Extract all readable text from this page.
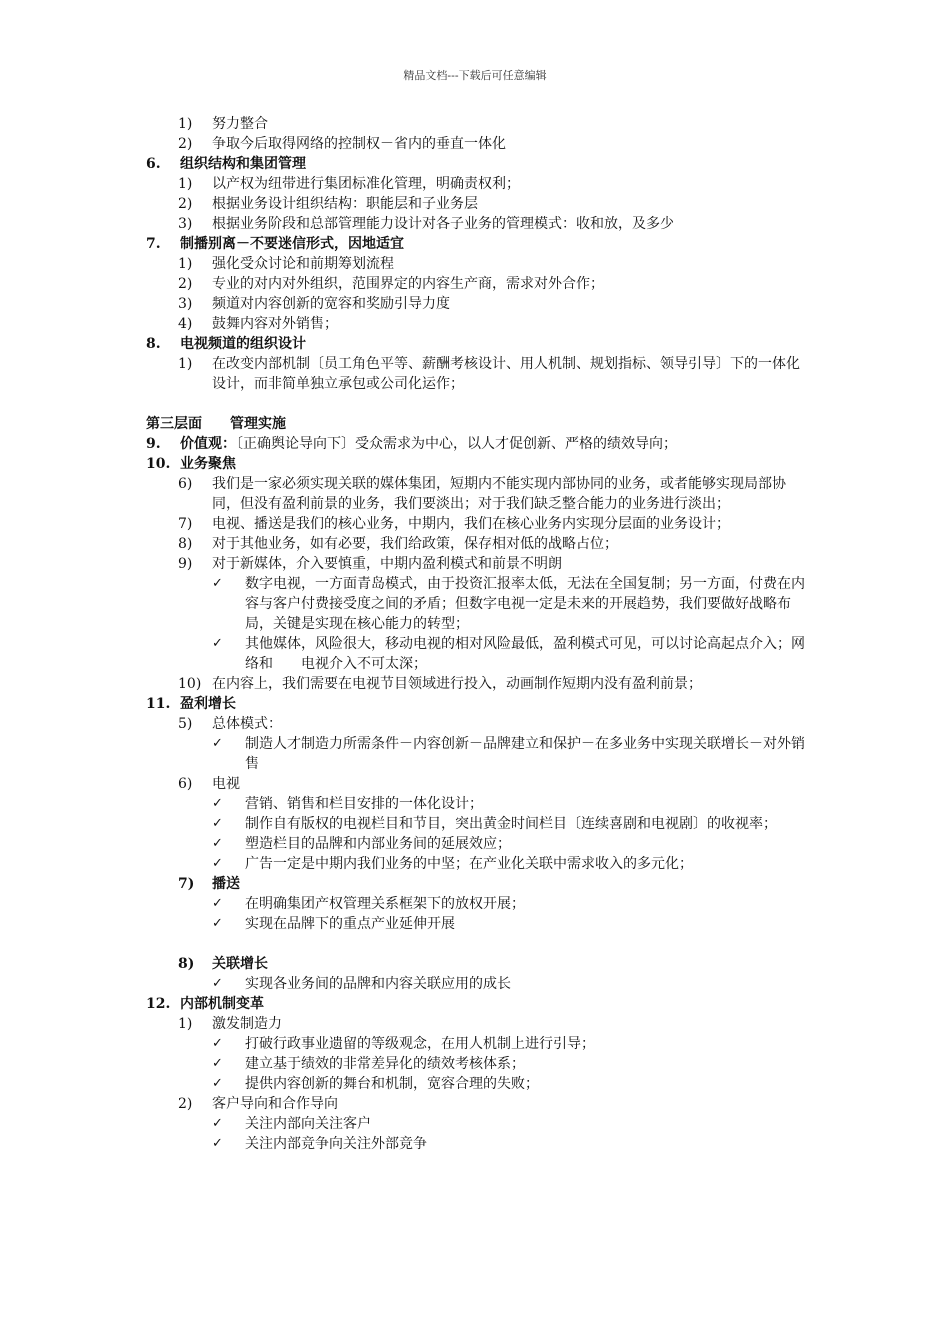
精品文档---下载后可任意编辑
1) 努力整合
2) 争取今后取得网络的控制权－省内的垂直一体化
6. 组织结构和集团管理
1) 以产权为纽带进行集团标准化管理，明确责权利；
2) 根据业务设计组织结构：职能层和子业务层
3) 根据业务阶段和总部管理能力设计对各子业务的管理模式：收和放，及多少
7. 制播别离－不要迷信形式，因地适宜
1) 强化受众讨论和前期筹划流程
2) 专业的对内对外组织，范围界定的内容生产商，需求对外合作；
3) 频道对内容创新的宽容和奖励引导力度
4) 鼓舞内容对外销售；
8. 电视频道的组织设计
1) 在改变内部机制〔员工角色平等、薪酬考核设计、用人机制、规划指标、领导引导〕下的一体化设计，而非简单独立承包或公司化运作；
第三层面　　管理实施
9. 价值观：〔正确舆论导向下〕受众需求为中心，以人才促创新、严格的绩效导向；
10. 业务聚焦
6) 我们是一家必须实现关联的媒体集团，短期内不能实现内部协同的业务，或者能够实现局部协同，但没有盈利前景的业务，我们要淡出；对于我们缺乏整合能力的业务进行淡出；
7) 电视、播送是我们的核心业务，中期内，我们在核心业务内实现分层面的业务设计；
8) 对于其他业务，如有必要，我们给政策，保存相对低的战略占位；
9) 对于新媒体，介入要慎重，中期内盈利模式和前景不明朗
✓ 数字电视，一方面青岛模式，由于投资汇报率太低，无法在全国复制；另一方面，付费在内容与客户付费接受度之间的矛盾；但数字电视一定是未来的开展趋势，我们要做好战略布局，关键是实现在核心能力的转型；
✓ 其他媒体，风险很大，移动电视的相对风险最低，盈利模式可见，可以讨论高起点介入；网络和　　电视介入不可太深；
10) 在内容上，我们需要在电视节目领域进行投入，动画制作短期内没有盈利前景；
11. 盈利增长
5) 总体模式：
✓ 制造人才制造力所需条件－内容创新－品牌建立和保护－在多业务中实现关联增长－对外销售
6) 电视
✓ 营销、销售和栏目安排的一体化设计；
✓ 制作自有版权的电视栏目和节目，突出黄金时间栏目〔连续喜剧和电视剧〕的收视率；
✓ 塑造栏目的品牌和内部业务间的延展效应；
✓ 广告一定是中期内我们业务的中坚；在产业化关联中需求收入的多元化；
7) 播送
✓ 在明确集团产权管理关系框架下的放权开展；
✓ 实现在品牌下的重点产业延伸开展
8) 关联增长
✓ 实现各业务间的品牌和内容关联应用的成长
12. 内部机制变革
1) 激发制造力
✓ 打破行政事业遗留的等级观念，在用人机制上进行引导；
✓ 建立基于绩效的非常差异化的绩效考核体系；
✓ 提供内容创新的舞台和机制，宽容合理的失败；
2) 客户导向和合作导向
✓ 关注内部向关注客户
✓ 关注内部竞争向关注外部竞争
